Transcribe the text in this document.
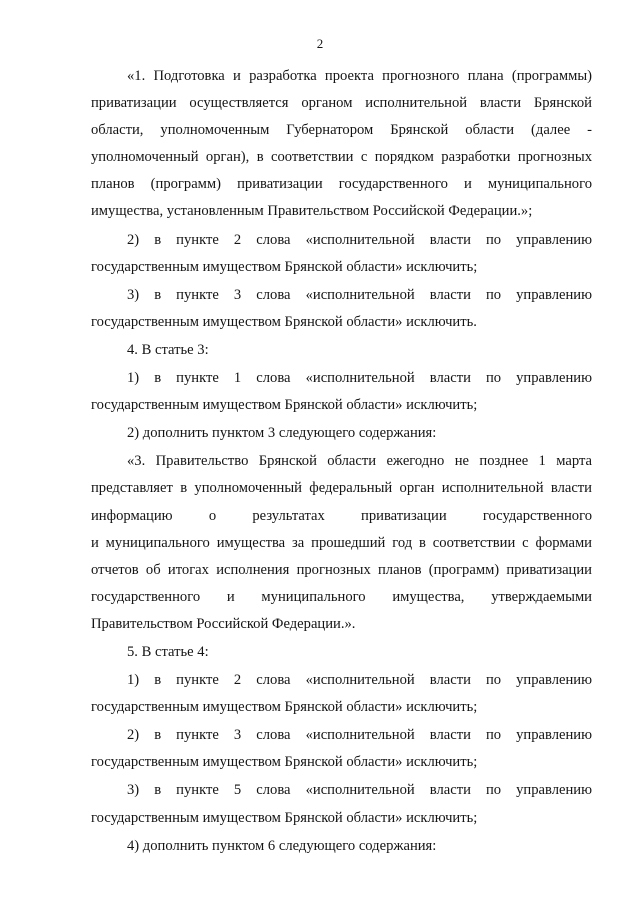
2
«1. Подготовка и разработка проекта прогнозного плана (программы)
приватизации осуществляется органом исполнительной власти Брянской
области, уполномоченным Губернатором Брянской области (далее -
уполномоченный орган), в соответствии с порядком разработки прогнозных
планов (программ) приватизации государственного и муниципального
имущества, установленным Правительством Российской Федерации.»;
2) в пункте 2 слова «исполнительной власти по управлению
государственным имуществом Брянской области» исключить;
3) в пункте 3 слова «исполнительной власти по управлению
государственным имуществом Брянской области» исключить.
4. В статье 3:
1) в пункте 1 слова «исполнительной власти по управлению
государственным имуществом Брянской области» исключить;
2) дополнить пунктом 3 следующего содержания:
«3. Правительство Брянской области ежегодно не позднее 1 марта
представляет в уполномоченный федеральный орган исполнительной власти
информацию о результатах приватизации государственного
и муниципального имущества за прошедший год в соответствии с формами
отчетов об итогах исполнения прогнозных планов (программ) приватизации
государственного и муниципального имущества, утверждаемыми
Правительством Российской Федерации.».
5. В статье 4:
1) в пункте 2 слова «исполнительной власти по управлению
государственным имуществом Брянской области» исключить;
2) в пункте 3 слова «исполнительной власти по управлению
государственным имуществом Брянской области» исключить;
3) в пункте 5 слова «исполнительной власти по управлению
государственным имуществом Брянской области» исключить;
4) дополнить пунктом 6 следующего содержания:
